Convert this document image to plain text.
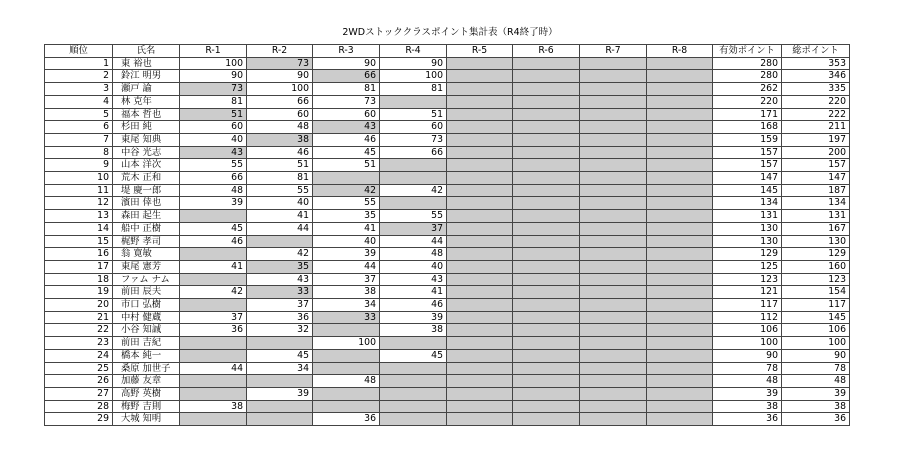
2WDストッククラスポイント集計表（R4終了時）
順位	氏名	R-1	R-2	R-3	R-4	R-5	R-6	R-7	R-8	有効ポイント	総ポイント
1	東 裕也	100	73	90	90					280	353
2	鈴江 明男	90	90	66	100					280	346
3	瀬戸 諭	73	100	81	81					262	335
4	林 克年	81	66	73						220	220
5	福本 哲也	51	60	60	51					171	222
6	杉田 純	60	48	43	60					168	211
7	東尾 知典	40	38	46	73					159	197
8	中谷 光志	43	46	45	66					157	200
9	山本 洋次	55	51	51						157	157
10	荒木 正和	66	81							147	147
11	堤 慶一郎	48	55	42	42					145	187
12	濱田 倖也	39	40	55						134	134
13	森田 起生		41	35	55					131	131
14	船中 正樹	45	44	41	37					130	167
15	梶野 孝司	46		40	44					130	130
16	翁 寛敏		42	39	48					129	129
17	東尾 憲芳	41	35	44	40					125	160
18	ファム ナム		43	37	43					123	123
19	前田 辰夫	42	33	38	41					121	154
20	市口 弘樹		37	34	46					117	117
21	中村 健蔵	37	36	33	39					112	145
22	小谷 知誠	36	32		38					106	106
23	前田 吉紀			100						100	100
24	橋本 純一		45		45					90	90
25	桑原 加世子	44	34							78	78
26	加藤 友章			48						48	48
27	高野 英樹		39							39	39
28	梅野 吉則	38								38	38
29	大城 知明			36						36	36
